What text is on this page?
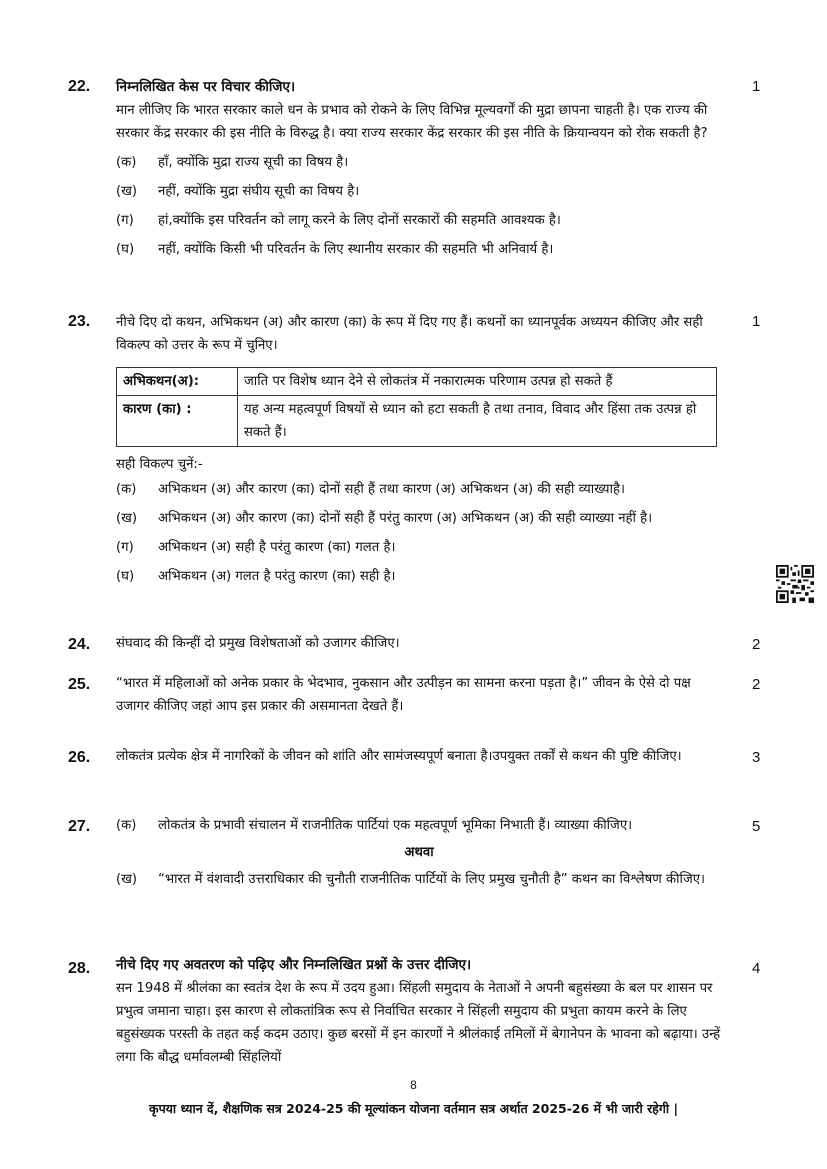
22.	1
निम्नलिखित केस पर विचार कीजिए।

मान लीजिए कि भारत सरकार काले धन के प्रभाव को रोकने के लिए विभिन्न मूल्यवर्गों की मुद्रा छापना चाहती है। एक राज्य की सरकार केंद्र सरकार की इस नीति के विरुद्ध है। क्या राज्य सरकार केंद्र सरकार की इस नीति के क्रियान्वयन को रोक सकती है?

(क) हाँ, क्योंकि मुद्रा राज्य सूची का विषय है।
(ख) नहीं, क्योंकि मुद्रा संघीय सूची का विषय है।
(ग) हां,क्योंकि इस परिवर्तन को लागू करने के लिए दोनों सरकारों की सहमति आवश्यक है।
(घ) नहीं, क्योंकि किसी भी परिवर्तन के लिए स्थानीय सरकार की सहमति भी अनिवार्य है।
23.	1

नीचे दिए दो कथन, अभिकथन (अ) और कारण (का) के रूप में दिए गए हैं। कथनों का ध्यानपूर्वक अध्ययन कीजिए और सही विकल्प को उत्तर के रूप में चुनिए।

अभिकथन(अ):	जाति पर विशेष ध्यान देने से लोकतंत्र में नकारात्मक परिणाम उत्पन्न हो सकते हैं
कारण (का) :	यह अन्य महत्वपूर्ण विषयों से ध्यान को हटा सकती है तथा तनाव, विवाद और हिंसा तक उत्पन्न हो सकते हैं।
सही विकल्प चुनें:-
(क) अभिकथन (अ) और कारण (का) दोनों सही हैं तथा कारण (अ) अभिकथन (अ) की सही व्याख्याहै।
(ख) अभिकथन (अ) और कारण (का) दोनों सही हैं परंतु कारण (अ) अभिकथन (अ) की सही व्याख्या नहीं है।
(ग) अभिकथन (अ) सही है परंतु कारण (का) गलत है।
(घ) अभिकथन (अ) गलत है परंतु कारण (का) सही है।
24.	2

संघवाद की किन्हीं दो प्रमुख विशेषताओं को उजागर कीजिए।

25.	2

“भारत में महिलाओं को अनेक प्रकार के भेदभाव, नुकसान और उत्पीड़न का सामना करना पड़ता है।” जीवन के ऐसे दो पक्ष उजागर कीजिए जहां आप इस प्रकार की असमानता देखते हैं।

26.	3

लोकतंत्र प्रत्येक क्षेत्र में नागरिकों के जीवन को शांति और सामंजस्यपूर्ण बनाता है।उपयुक्त तर्कों से कथन की पुष्टि कीजिए।

27.	5
(क) लोकतंत्र के प्रभावी संचालन में राजनीतिक पार्टियां एक महत्वपूर्ण भूमिका निभाती हैं। व्याख्या कीजिए।
अथवा
(ख) “भारत में वंशवादी उत्तराधिकार की चुनौती राजनीतिक पार्टियों के लिए प्रमुख चुनौती है” कथन का विश्लेषण कीजिए।
28.	4
नीचे दिए गए अवतरण को पढ़िए और निम्नलिखित प्रश्नों के उत्तर दीजिए।

सन 1948 में श्रीलंका का स्वतंत्र देश के रूप में उदय हुआ। सिंहली समुदाय के नेताओं ने अपनी बहुसंख्या के बल पर शासन पर प्रभुत्व जमाना चाहा। इस कारण से लोकतांत्रिक रूप से निर्वाचित सरकार ने सिंहली समुदाय की प्रभुता कायम करने के लिए बहुसंख्यक परस्ती के तहत कई कदम उठाए। कुछ बरसों में इन कारणों ने श्रीलंकाई तमिलों में बेगानेपन के भावना को बढ़ाया। उन्हें लगा कि बौद्ध धर्मावलम्बी सिंहलियों

8
कृपया ध्यान दें, शैक्षणिक सत्र 2024-25 की मूल्यांकन योजना वर्तमान सत्र अर्थात 2025-26 में भी जारी रहेगी |
